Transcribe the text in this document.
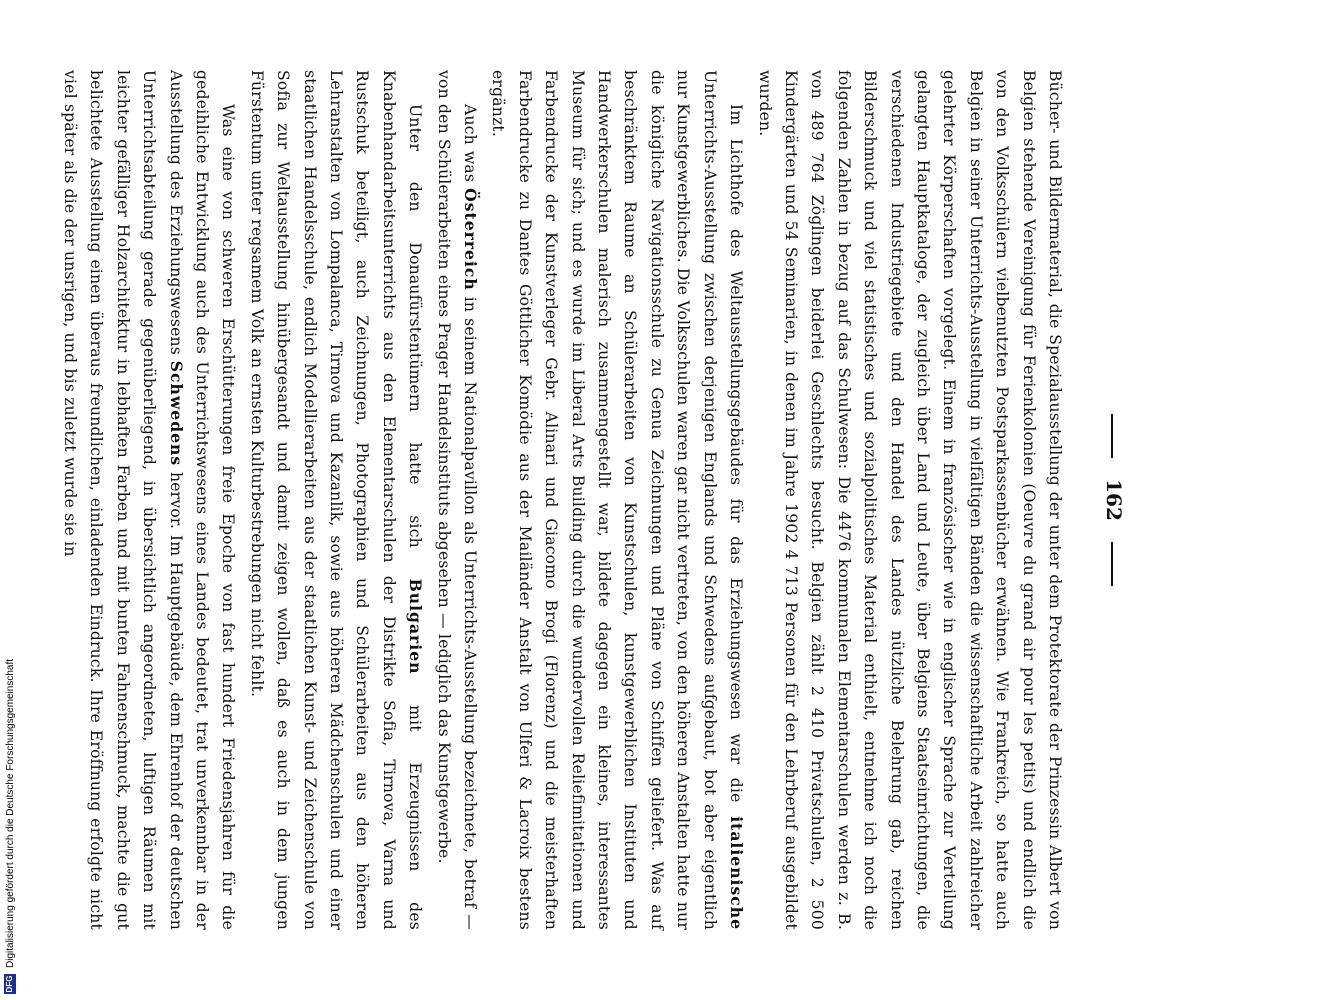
DFG
Digitalisierung gefördert durch die Deutsche Forschungsgemeinschaft
162

Bücher- und Bildermaterial, die Spezialausstellung der unter dem Protektorate der Prinzessin Albert von Belgien stehende Vereinigung für Ferienkolonien (Oeuvre du grand air pour les petits) und endlich die von den Volksschülern vielbenutzten Postsparkassenbücher erwähnen. Wie Frankreich, so hatte auch Belgien in seiner Unterrichts-Ausstellung in vielfältigen Bänden die wissenschaftliche Arbeit zahlreicher gelehrter Körperschaften vorgelegt. Einem in französischer wie in englischer Sprache zur Verteilung gelangten Hauptkataloge, der zugleich über Land und Leute, über Belgiens Staatseinrichtungen, die verschiedenen Industriegebiete und den Handel des Landes nützliche Belehrung gab, reichen Bilderschmuck und viel statistisches und sozialpolitisches Material enthielt, entnehme ich noch die folgenden Zahlen in bezug auf das Schulwesen: Die 4476 kommunalen Elementarschulen werden z. B. von 489 764 Zöglingen beiderlei Geschlechts besucht. Belgien zählt 2 410 Privatschulen, 2 500 Kindergärten und 54 Seminarien, in denen im Jahre 1902 4 713 Personen für den Lehrberuf ausgebildet wurden.

Im Lichthofe des Weltausstellungsgebäudes für das Erziehungswesen war die italienische Unterrichts-Ausstellung zwischen derjenigen Englands und Schwedens aufgebaut, bot aber eigentlich nur Kunstgewerbliches. Die Volksschulen waren gar nicht vertreten, von den höheren Anstalten hatte nur die königliche Navigationsschule zu Genua Zeichnungen und Pläne von Schiffen geliefert. Was auf beschränktem Raume an Schülerarbeiten von Kunstschulen, kunstgewerblichen Instituten und Handwerkerschulen malerisch zusammengestellt war, bildete dagegen ein kleines, interessantes Museum für sich; und es wurde im Liberal Arts Building durch die wundervollen Reliefimitationen und Farbendrucke der Kunstverleger Gebr. Alinari und Giacomo Brogi (Florenz) und die meisterhaften Farbendrucke zu Dantes Göttlicher Komödie aus der Mailänder Anstalt von Ulferi & Lacroix bestens ergänzt.

Auch was Österreich in seinem Nationalpavillon als Unterrichts-Ausstellung bezeichnete, betraf — von den Schülerarbeiten eines Prager Handelsinstituts abgesehen — lediglich das Kunstgewerbe.

Unter den Donaufürstentümern hatte sich Bulgarien mit Erzeugnissen des Knabenhandarbeitsunterrichts aus den Elementarschulen der Distrikte Sofia, Tirnova, Varna und Rustschuk beteiligt, auch Zeichnungen, Photographien und Schülerarbeiten aus den höheren Lehranstalten von Lompalanca, Tirnova und Kazanlik, sowie aus höheren Mädchenschulen und einer staatlichen Handelsschule, endlich Modellierarbeiten aus der staatlichen Kunst- und Zeichenschule von Sofia zur Weltausstellung hinübergesandt und damit zeigen wollen, daß es auch in dem jungen Fürstentum unter regsamem Volk an ernsten Kulturbestrebungen nicht fehlt.

Was eine von schweren Erschütterungen freie Epoche von fast hundert Friedensjahren für die gedeihliche Entwicklung auch des Unterrichtswesens eines Landes bedeutet, trat unverkennbar in der Ausstellung des Erziehungswesens Schwedens hervor. Im Hauptgebäude, dem Ehrenhof der deutschen Unterrichtsabteilung gerade gegenüberliegend, in übersichtlich angeordneten, luftigen Räumen mit leichter gefälliger Holzarchitektur in lebhaften Farben und mit bunten Fahnenschmuck, machte die gut belichtete Ausstellung einen überaus freundlichen, einladenden Eindruck. Ihre Eröffnung erfolgte nicht viel später als die der unsrigen, und bis zuletzt wurde sie in
